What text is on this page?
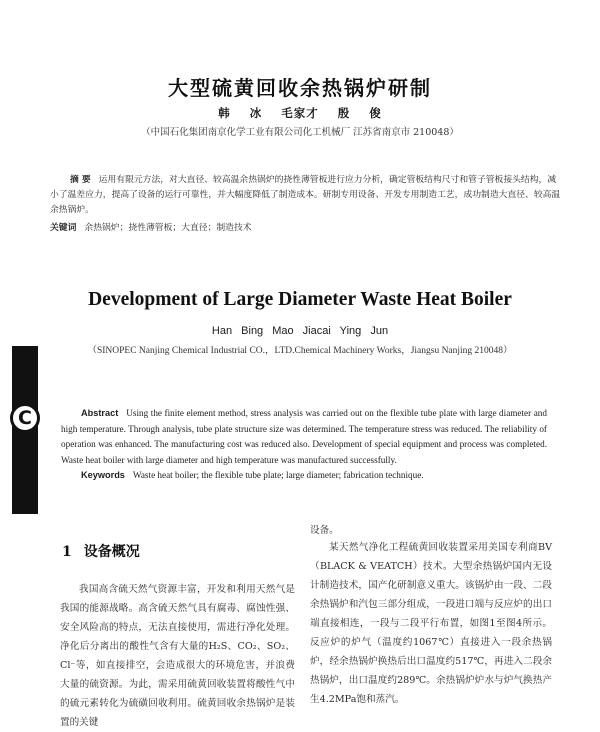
大型硫黄回收余热锅炉研制
韩 冰 毛家才 殷 俊
（中国石化集团南京化学工业有限公司化工机械厂 江苏省南京市 210048）
摘 要 运用有限元方法，对大直径、较高温余热锅炉的挠性薄管板进行应力分析，确定管板结构尺寸和管子管板接头结构，减小了温差应力，提高了设备的运行可靠性，并大幅度降低了制造成本。研制专用设备、开发专用制造工艺，成功制造大直径、较高温余热锅炉。
关键词 余热锅炉；挠性薄管板；大直径；制造技术
Development of Large Diameter Waste Heat Boiler
Han Bing Mao Jiacai Ying Jun
（SINOPEC Nanjing Chemical Industrial CO.，LTD.Chemical Machinery Works，Jiangsu Nanjing 210048）
C	Abstract Using the finite element method, stress analysis was carried out on the flexible tube plate with large diameter and high temperature. Through analysis, tube plate structure size was determined. The temperature stress was reduced. The reliability of operation was enhanced. The manufacturing cost was reduced also. Development of special equipment and process was completed. Waste heat boiler with large diameter and high temperature was manufactured successfully.
Keywords Waste heat boiler; the flexible tube plate; large diameter; fabrication technique.
1 设备概况
我国高含硫天然气资源丰富，开发和利用天然气是我国的能源战略。高含硫天然气具有腐毒、腐蚀性强、安全风险高的特点，无法直接使用，需进行净化处理。净化后分离出的酸性气含有大量的H₂S、CO₂、SO₂、Cl⁻等，如直接排空，会造成很大的环境危害，并浪费大量的硫资源。为此，需采用硫黄回收装置将酸性气中的硫元素转化为硫磺回收利用。硫黄回收余热锅炉是装置的关键
设备。
某天然气净化工程硫黄回收装置采用美国专利商BV（BLACK & VEATCH）技术。大型余热锅炉国内无设计制造技术，国产化研制意义重大。该锅炉由一段、二段余热锅炉和汽包三部分组成，一段进口端与反应炉的出口端直接相连，一段与二段平行布置，如图1至图4所示。反应炉的炉气（温度约1067℃）直接进入一段余热锅炉，经余热锅炉换热后出口温度约517℃，再进入二段余热锅炉，出口温度约289℃。余热锅炉炉水与炉气换热产生4.2MPa饱和蒸汽。
